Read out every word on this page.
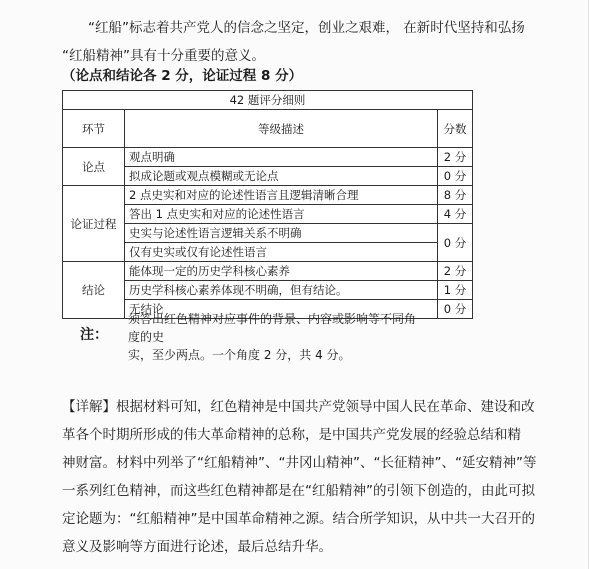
“红船”标志着共产党人的信念之坚定，创业之艰难， 在新时代坚持和弘扬
“红船精神”具有十分重要的意义。
（论点和结论各 2 分，论证过程 8 分）
42 题评分细则		
环节	等级描述	分数
论点	观点明确	2 分
	拟成论题或观点模糊或无论点	0 分
论证过程	2 点史实和对应的论述性语言且逻辑清晰合理	8 分
	答出 1 点史实和对应的论述性语言	4 分
	史实与论述性语言逻辑关系不明确	0 分
	仅有史实或仅有论述性语言	
结论	能体现一定的历史学科核心素养	2 分
	历史学科核心素养体现不明确，但有结论。	1 分
	无结论	0 分
注：
须答出红色精神对应事件的背景、内容或影响等不同角
度的史
实，至少两点。一个角度 2 分，共 4 分。
【详解】根据材料可知，红色精神是中国共产党领导中国人民在革命、建设和改
革各个时期所形成的伟大革命精神的总称，是中国共产党发展的经验总结和精
神财富。材料中列举了“红船精神”、“井冈山精神”、“长征精神”、“延安精神”等
一系列红色精神，而这些红色精神都是在“红船精神”的引领下创造的，由此可拟
定论题为：“红船精神”是中国革命精神之源。结合所学知识，从中共一大召开的
意义及影响等方面进行论述，最后总结升华。
